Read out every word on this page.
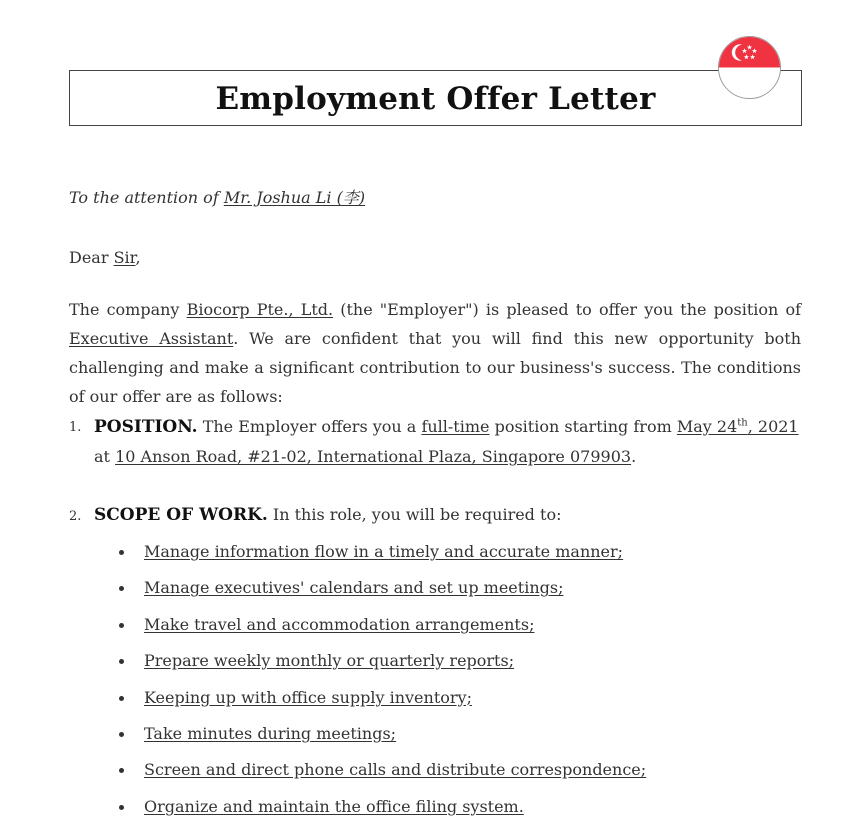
Employment Offer Letter

To the attention of Mr. Joshua Li (李)

Dear Sir,

The company Biocorp Pte., Ltd. (the "Employer") is pleased to offer you the position of Executive Assistant. We are confident that you will find this new opportunity both challenging and make a significant contribution to our business's success. The conditions of our offer are as follows:

1. POSITION. The Employer offers you a full-time position starting from May 24th, 2021 at 10 Anson Road, #21-02, International Plaza, Singapore 079903.

2. SCOPE OF WORK. In this role, you will be required to:

Manage information flow in a timely and accurate manner;
Manage executives' calendars and set up meetings;
Make travel and accommodation arrangements;
Prepare weekly monthly or quarterly reports;
Keeping up with office supply inventory;
Take minutes during meetings;
Screen and direct phone calls and distribute correspondence;
Organize and maintain the office filing system.
